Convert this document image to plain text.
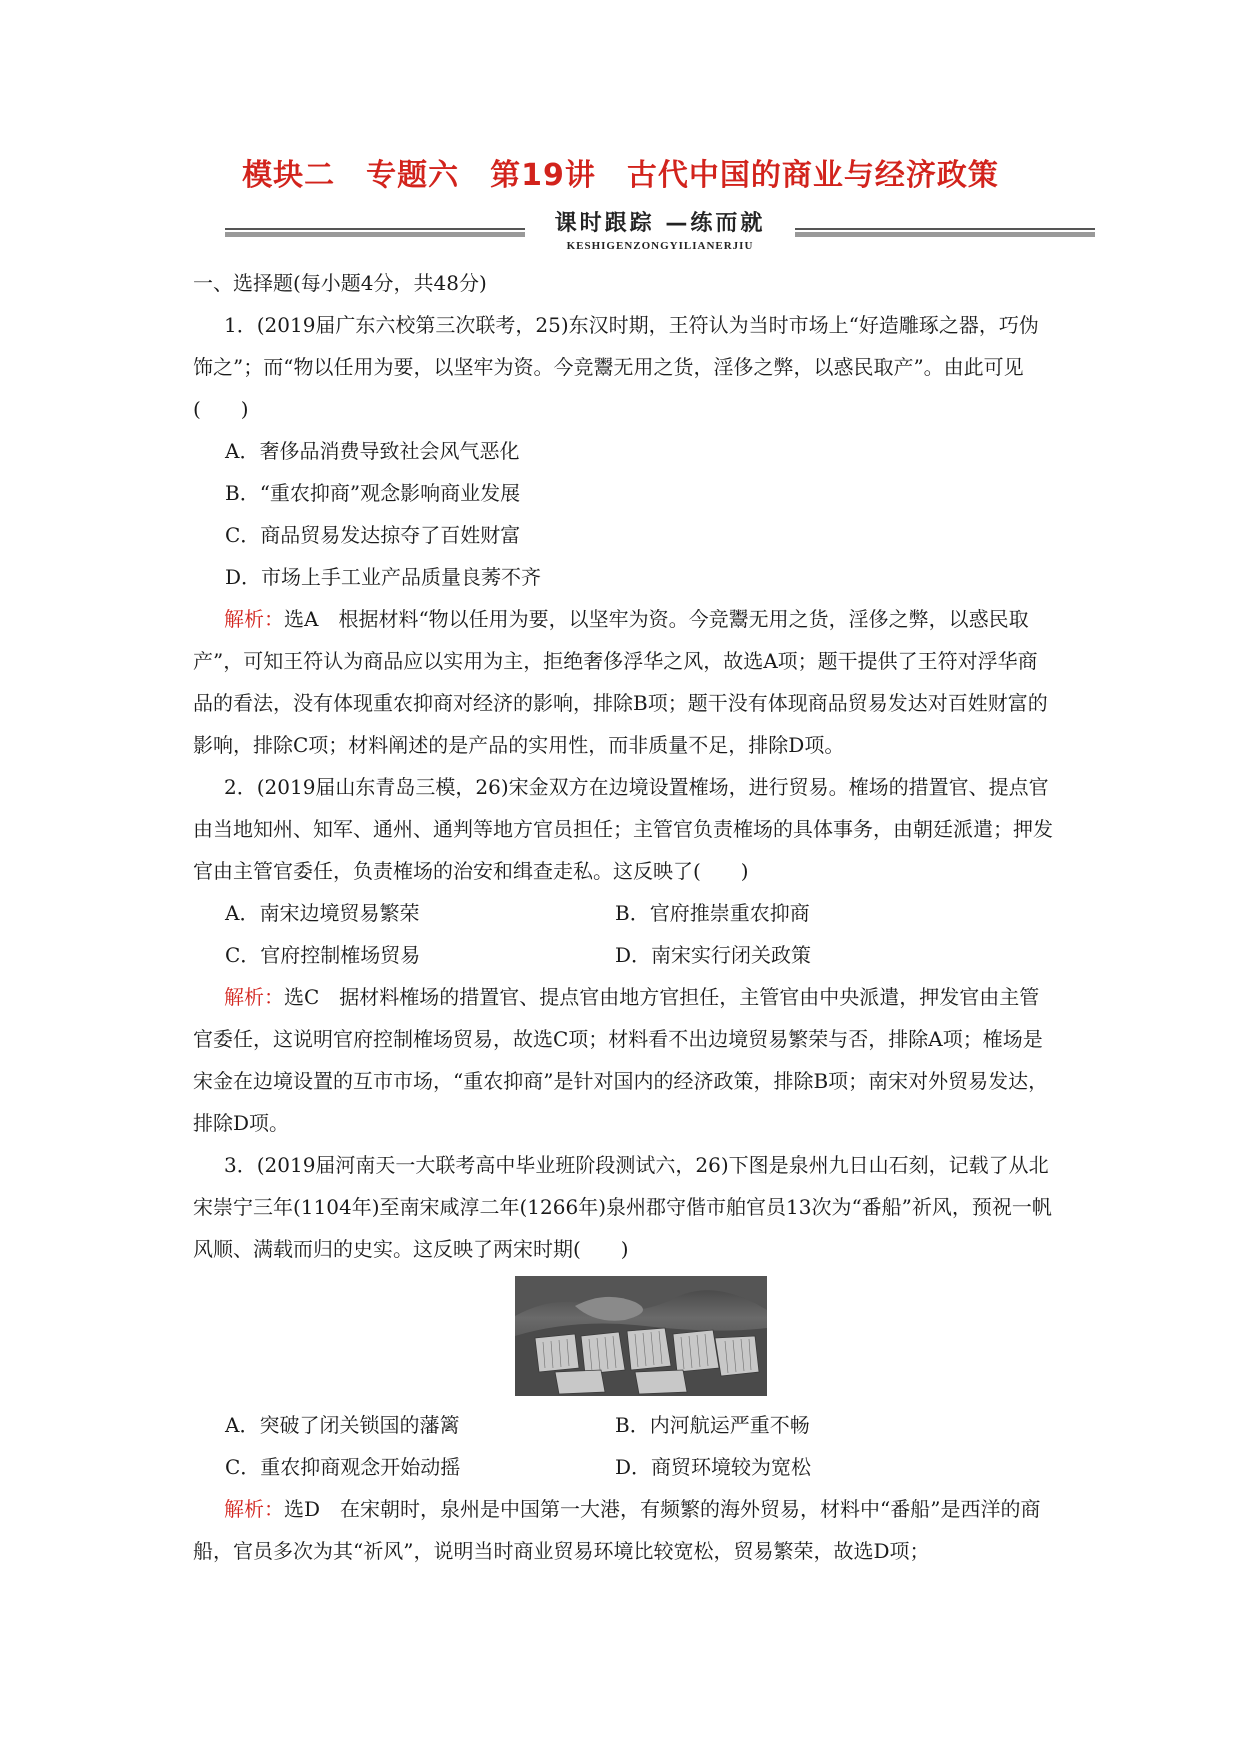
模块二　专题六　第19讲　古代中国的商业与经济政策
课时跟踪 —练而就
KESHIGENZONGYILIANERJIU

一、选择题(每小题4分，共48分)

1．(2019届广东六校第三次联考，25)东汉时期，王符认为当时市场上“好造雕琢之器，巧伪饰之”；而“物以任用为要，以坚牢为资。今竞鬻无用之货，淫侈之弊，以惑民取产”。由此可见(　　)

A．奢侈品消费导致社会风气恶化

B．“重农抑商”观念影响商业发展

C．商品贸易发达掠夺了百姓财富

D．市场上手工业产品质量良莠不齐

解析：选A　根据材料“物以任用为要，以坚牢为资。今竞鬻无用之货，淫侈之弊，以惑民取产”，可知王符认为商品应以实用为主，拒绝奢侈浮华之风，故选A项；题干提供了王符对浮华商品的看法，没有体现重农抑商对经济的影响，排除B项；题干没有体现商品贸易发达对百姓财富的影响，排除C项；材料阐述的是产品的实用性，而非质量不足，排除D项。

2．(2019届山东青岛三模，26)宋金双方在边境设置榷场，进行贸易。榷场的措置官、提点官由当地知州、知军、通州、通判等地方官员担任；主管官负责榷场的具体事务，由朝廷派遣；押发官由主管官委任，负责榷场的治安和缉查走私。这反映了(　　)

A．南宋边境贸易繁荣	B．官府推崇重农抑商
C．官府控制榷场贸易	D．南宋实行闭关政策

解析：选C　据材料榷场的措置官、提点官由地方官担任，主管官由中央派遣，押发官由主管官委任，这说明官府控制榷场贸易，故选C项；材料看不出边境贸易繁荣与否，排除A项；榷场是宋金在边境设置的互市市场，“重农抑商”是针对国内的经济政策，排除B项；南宋对外贸易发达，排除D项。

3．(2019届河南天一大联考高中毕业班阶段测试六，26)下图是泉州九日山石刻，记载了从北宋崇宁三年(1104年)至南宋咸淳二年(1266年)泉州郡守偕市舶官员13次为“番船”祈风，预祝一帆风顺、满载而归的史实。这反映了两宋时期(　　)

A．突破了闭关锁国的藩篱	B．内河航运严重不畅
C．重农抑商观念开始动摇	D．商贸环境较为宽松

解析：选D　在宋朝时，泉州是中国第一大港，有频繁的海外贸易，材料中“番船”是西洋的商船，官员多次为其“祈风”，说明当时商业贸易环境比较宽松，贸易繁荣，故选D项；
